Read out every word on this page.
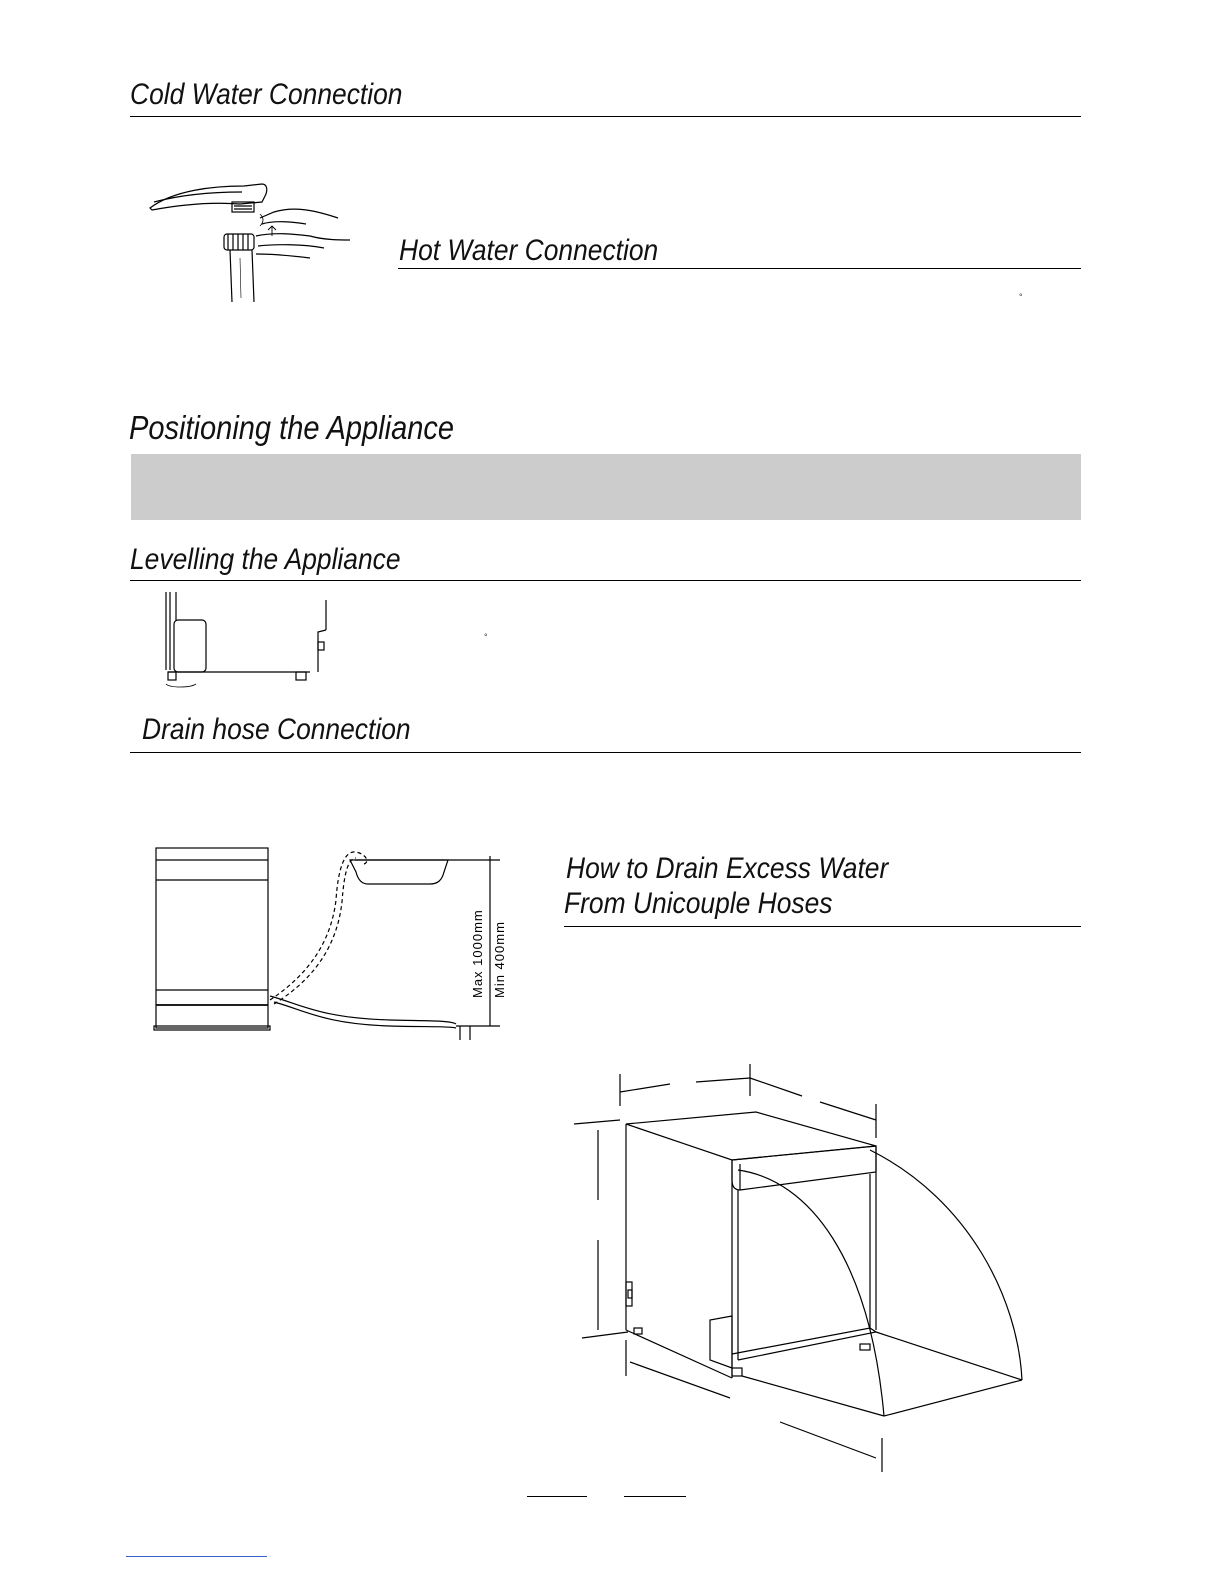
Cold Water Connection
Hot Water Connection
°
Positioning the Appliance
Levelling the Appliance
°
Drain hose Connection
Max 1000mm Min 400mm
How to Drain Excess Water
From Unicouple Hoses
